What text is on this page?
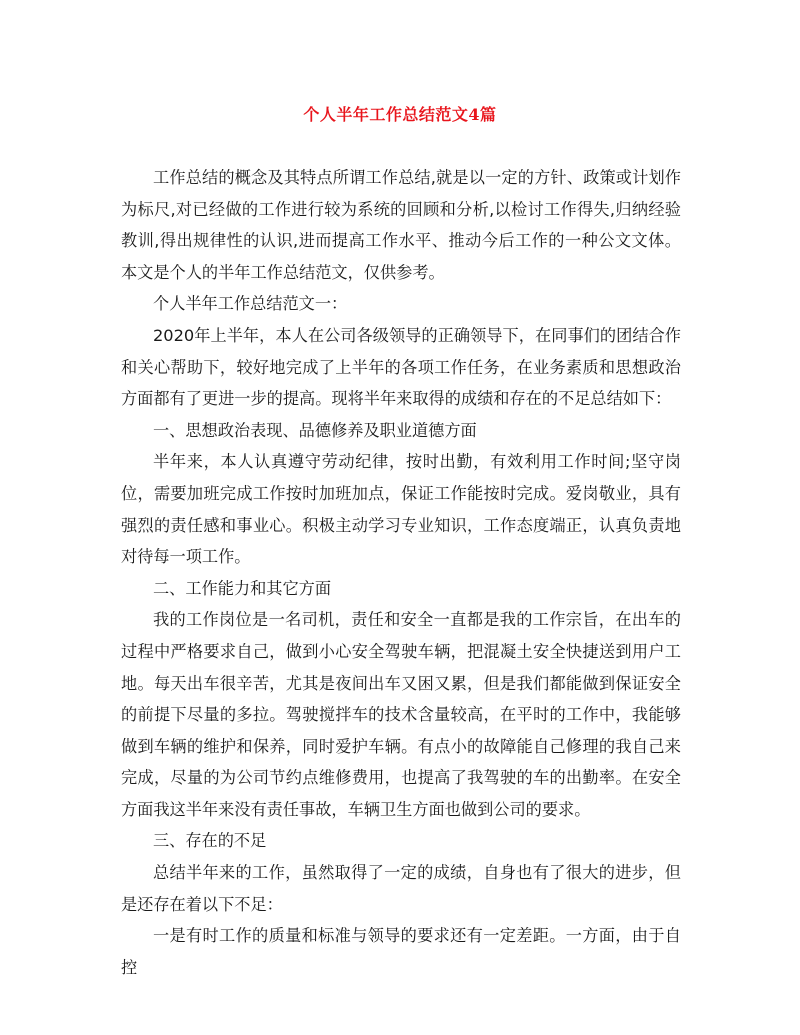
个人半年工作总结范文4篇

工作总结的概念及其特点所谓工作总结,就是以一定的方针、政策或计划作为标尺,对已经做的工作进行较为系统的回顾和分析,以检讨工作得失,归纳经验教训,得出规律性的认识,进而提高工作水平、推动今后工作的一种公文文体。本文是个人的半年工作总结范文，仅供参考。

个人半年工作总结范文一：

2020年上半年，本人在公司各级领导的正确领导下，在同事们的团结合作和关心帮助下，较好地完成了上半年的各项工作任务，在业务素质和思想政治方面都有了更进一步的提高。现将半年来取得的成绩和存在的不足总结如下：

一、思想政治表现、品德修养及职业道德方面

半年来，本人认真遵守劳动纪律，按时出勤，有效利用工作时间;坚守岗位，需要加班完成工作按时加班加点，保证工作能按时完成。爱岗敬业，具有强烈的责任感和事业心。积极主动学习专业知识，工作态度端正，认真负责地对待每一项工作。

二、工作能力和其它方面

我的工作岗位是一名司机，责任和安全一直都是我的工作宗旨，在出车的过程中严格要求自己，做到小心安全驾驶车辆，把混凝土安全快捷送到用户工地。每天出车很辛苦，尤其是夜间出车又困又累，但是我们都能做到保证安全的前提下尽量的多拉。驾驶搅拌车的技术含量较高，在平时的工作中，我能够做到车辆的维护和保养，同时爱护车辆。有点小的故障能自己修理的我自己来完成，尽量的为公司节约点维修费用，也提高了我驾驶的车的出勤率。在安全方面我这半年来没有责任事故，车辆卫生方面也做到公司的要求。

三、存在的不足

总结半年来的工作，虽然取得了一定的成绩，自身也有了很大的进步，但是还存在着以下不足：

一是有时工作的质量和标准与领导的要求还有一定差距。一方面，由于自控
